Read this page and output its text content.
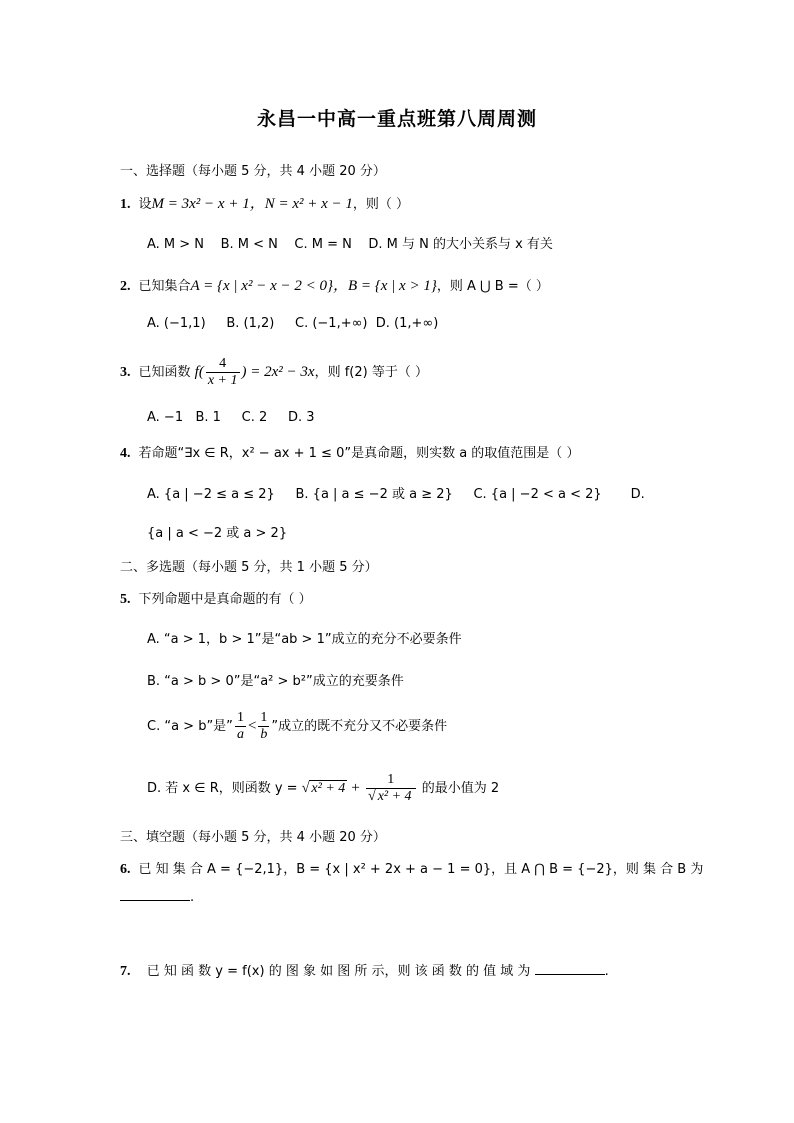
永昌一中高一重点班第八周周测
一、选择题（每小题 5 分，共 4 小题 20 分）
1. 设M = 3x² − x + 1，N = x² + x − 1，则（ ）
A. M > N B. M < N C. M = N D. M 与 N 的大小关系与 x 有关
2. 已知集合A = {x | x² − x − 2 < 0}，B = {x | x > 1}，则 A ⋃ B =（ ）
A. (−1,1) B. (1,2) C. (−1,+∞) D. (1,+∞)
3. 已知函数 $f( \frac{4}{x + 1}$ ) = 2x² − 3x，则 f(2) 等于（ ）
A. −1 B. 1 C. 2 D. 3
4. 若命题“∃x ∈ R，x² − ax + 1 ≤ 0”是真命题，则实数 a 的取值范围是（ ）
A. {a | −2 ≤ a ≤ 2} B. {a | a ≤ −2 或 a ≥ 2} C. {a | −2 < a < 2} D.
{a | a < −2 或 a > 2}
二、多选题（每小题 5 分，共 1 小题 5 分）
5. 下列命题中是真命题的有（ ）
A. “a > 1，b > 1”是“ab > 1”成立的充分不必要条件
B. “a > b > 0”是“a² > b²”成立的充要条件
C. “a > b”是” $\frac{1}{a} < \frac{1}{b}$ ”成立的既不充分又不必要条件
D. 若 x ∈ R，则函数 y = √ $x^2 + 4 + \frac{1}{\text{√ x² + 4}}$ 的最小值为 2
三、填空题（每小题 5 分，共 4 小题 20 分）
6. 已 知 集 合 A = {−2,1}，B = {x | x² + 2x + a − 1 = 0}，且 A ⋂ B = {−2}，则 集 合 B 为
.
7. 已 知 函 数 y = f(x) 的 图 象 如 图 所 示，则 该 函 数 的 值 域 为	.
